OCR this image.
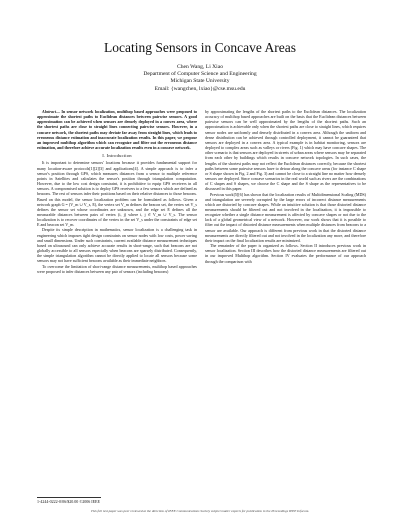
Locating Sensors in Concave Areas
Chen Wang, Li Xiao
Department of Computer Science and Engineering
Michigan State University
Email: {wangchen, lxiao}@cse.msu.edu

Abstract— In sensor network localization, multihop based approaches were proposed to approximate the shortest paths to Euclidean distances between pairwise sensors. A good approximation can be achieved when sensors are densely deployed in a convex area, where the shortest paths are close to straight lines connecting pairwise sensors. However, in a concave network, the shortest paths may deviate far away from straight lines, which leads to erroneous distance estimation and inaccurate localization results. In this paper, we propose an improved multihop algorithm which can recognize and filter out the erroneous distance estimation, and therefore achieve accurate localization results even in a concave network.

I. Introduction

It is important to determine sensors' locations because it provides fundamental support for many location-aware protocols[1][2][3] and applications[4]. A simple approach is to infer a sensor's position through GPS, which measures distances from a sensor to multiple reference points in Satellites and calculates the sensor's position through triangulation computation. However, due to the low cost design constraint, it is prohibitive to equip GPS receivers in all sensors. A compromised solution is to deploy GPS receivers to a few sensors which are defined as beacons. The rest of sensors infer their positions based on their relative distances to those beacons. Based on this model, the sensor localization problem can be formulated as follows. Given a network graph G = (V_m ∪ V_s, E), the vertex set V_m defines the beacon set, the vertex set V_s defines the sensor set whose coordinates are unknown, and the edge set E defines all the measurable distances between pairs of vertex (i, j) where i, j ∈ V_m ∪ V_s. The sensor localization is to recover coordinates of the vertex in the set V_s under the constraints of edge set E and beacon set V_m.

Despite its simple description in mathematics, sensor localization is a challenging task in engineering which imposes tight design constraints on sensor nodes with low costs, power saving and small dimensions. Under such constraints, current available distance measurement techniques based on ultrasound can only achieve accurate results in short-range, such that beacons are not globally accessible to all sensors especially when beacons are sparsely distributed. Consequently, the simple triangulation algorithm cannot be directly applied to locate all sensors because some sensors may not have sufficient beacons available as their immediate neighbors.

To overcome the limitation of short-range distance measurements, multihop based approaches were proposed to infer distances between any pair of sensors (including beacons)

by approximating the lengths of the shortest paths to the Euclidean distances. The localization accuracy of multihop based approaches are built on the basis that the Euclidean distances between pairwise sensors can be well approximated by the lengths of the shortest paths. Such an approximation is achievable only when the shortest paths are close to straight lines, which requires sensor nodes are uniformly and densely distributed in a convex area. Although the uniform and dense distribution can be achieved through controlled deployment, it cannot be guaranteed that sensors are deployed in a convex area. A typical example is in habitat monitoring, sensors are deployed to complex areas such as valleys or rivers (Fig. 1) which may have concave shapes. The other scenario is that sensors are deployed in streets of urban areas where sensors may be separated from each other by buildings which results in concave network topologies. In such cases, the lengths of the shortest paths may not reflect the Euclidean distances correctly, because the shortest paths between some pairwise sensors have to detour along the concave areas (for instance C shape or S shape shown in Fig. 2 and Fig. 3) and cannot be close to a straight line no matter how densely sensors are deployed. Since concave scenarios in the real world such as rivers are the combinations of C shapes and S shapes, we choose the C shape and the S shape as the representatives to be discussed in this paper.

Previous work[5][6] has shown that the localization results of Multidimensional Scaling (MDS) and triangulation are severely corrupted by the large errors of incorrect distance measurements which are distorted by concave shapes. While an intuitive solution is that those distorted distance measurements should be filtered out and not involved in the localization, it is impossible to recognize whether a single distance measurement is affected by concave shapes or not due to the lack of a global geometrical view of a network. However, our work shows that it is possible to filter out the impact of distorted distance measurements when multiple distances from beacons to a sensor are available. Our approach is different from previous work in that the distorted distance measurements are directly filtered out and not involved in the localization any more, and therefore their impact on the final localization results are minimized.

The remainder of the paper is organized as follows. Section II introduces previous work in sensor localization. Section III describes how the distorted distance measurements are filtered out in our improved Multihop algorithm. Section IV evaluates the performance of our approach through the comparison with

1-4244-0222-0/06/$20.00 ©2006 IEEE
This full text paper was peer reviewed at the direction of IEEE Communications Society subject matter experts for publication in the Proceedings IEEE Infocom.
